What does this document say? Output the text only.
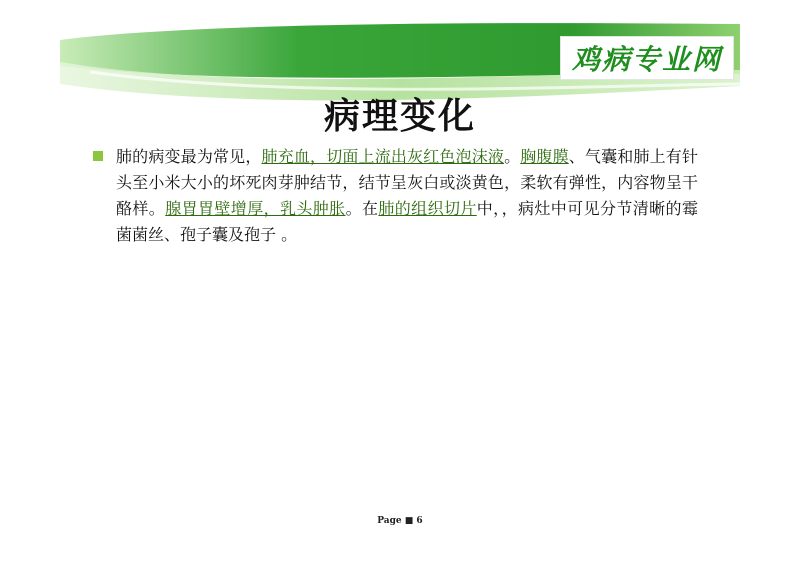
鸡病专业网
病理变化
肺的病变最为常见，肺充血，切面上流出灰红色泡沫液。胸腹膜、气囊和肺上有针头至小米大小的坏死肉芽肿结节，结节呈灰白或淡黄色，柔软有弹性，内容物呈干酪样。腺胃胃壁增厚，乳头肿胀。在肺的组织切片中，，病灶中可见分节清晰的霉菌菌丝、孢子囊及孢子 。
Page ■ 6
